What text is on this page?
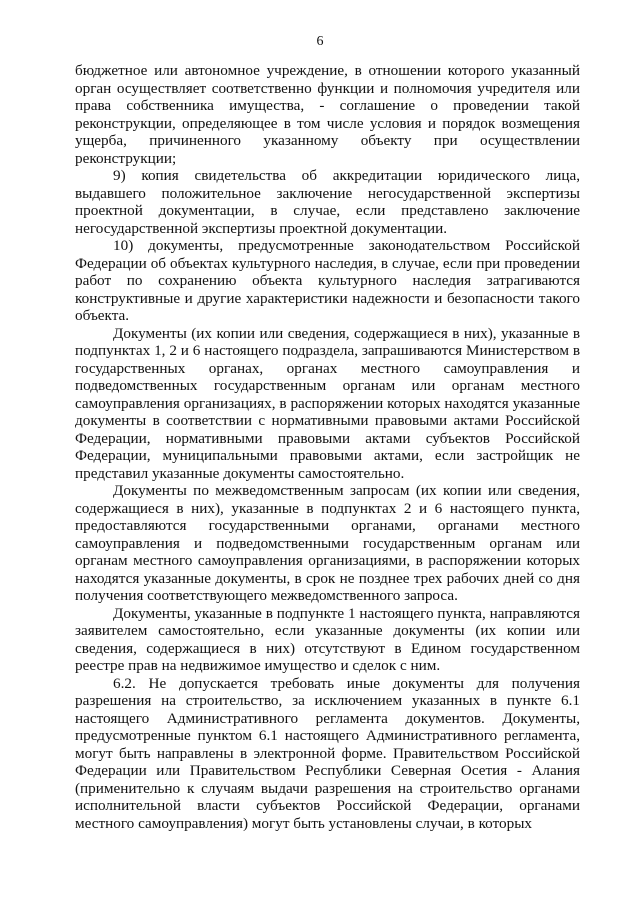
6

бюджетное или автономное учреждение, в отношении которого указанный орган осуществляет соответственно функции и полномочия учредителя или права собственника имущества, - соглашение о проведении такой реконструкции, определяющее в том числе условия и порядок возмещения ущерба, причиненного указанному объекту при осуществлении реконструкции;

9) копия свидетельства об аккредитации юридического лица, выдавшего положительное заключение негосударственной экспертизы проектной документации, в случае, если представлено заключение негосударственной экспертизы проектной документации.

10) документы, предусмотренные законодательством Российской Федерации об объектах культурного наследия, в случае, если при проведении работ по сохранению объекта культурного наследия затрагиваются конструктивные и другие характеристики надежности и безопасности такого объекта.

Документы (их копии или сведения, содержащиеся в них), указанные в подпунктах 1, 2 и 6 настоящего подраздела, запрашиваются Министерством в государственных органах, органах местного самоуправления и подведомственных государственным органам или органам местного самоуправления организациях, в распоряжении которых находятся указанные документы в соответствии с нормативными правовыми актами Российской Федерации, нормативными правовыми актами субъектов Российской Федерации, муниципальными правовыми актами, если застройщик не представил указанные документы самостоятельно.

Документы по межведомственным запросам (их копии или сведения, содержащиеся в них), указанные в подпунктах 2 и 6 настоящего пункта, предоставляются государственными органами, органами местного самоуправления и подведомственными государственным органам или органам местного самоуправления организациями, в распоряжении которых находятся указанные документы, в срок не позднее трех рабочих дней со дня получения соответствующего межведомственного запроса.

Документы, указанные в подпункте 1 настоящего пункта, направляются заявителем самостоятельно, если указанные документы (их копии или сведения, содержащиеся в них) отсутствуют в Едином государственном реестре прав на недвижимое имущество и сделок с ним.

6.2. Не допускается требовать иные документы для получения разрешения на строительство, за исключением указанных в пункте 6.1 настоящего Административного регламента документов. Документы, предусмотренные пунктом 6.1 настоящего Административного регламента, могут быть направлены в электронной форме. Правительством Российской Федерации или Правительством Республики Северная Осетия - Алания (применительно к случаям выдачи разрешения на строительство органами исполнительной власти субъектов Российской Федерации, органами местного самоуправления) могут быть установлены случаи, в которых
